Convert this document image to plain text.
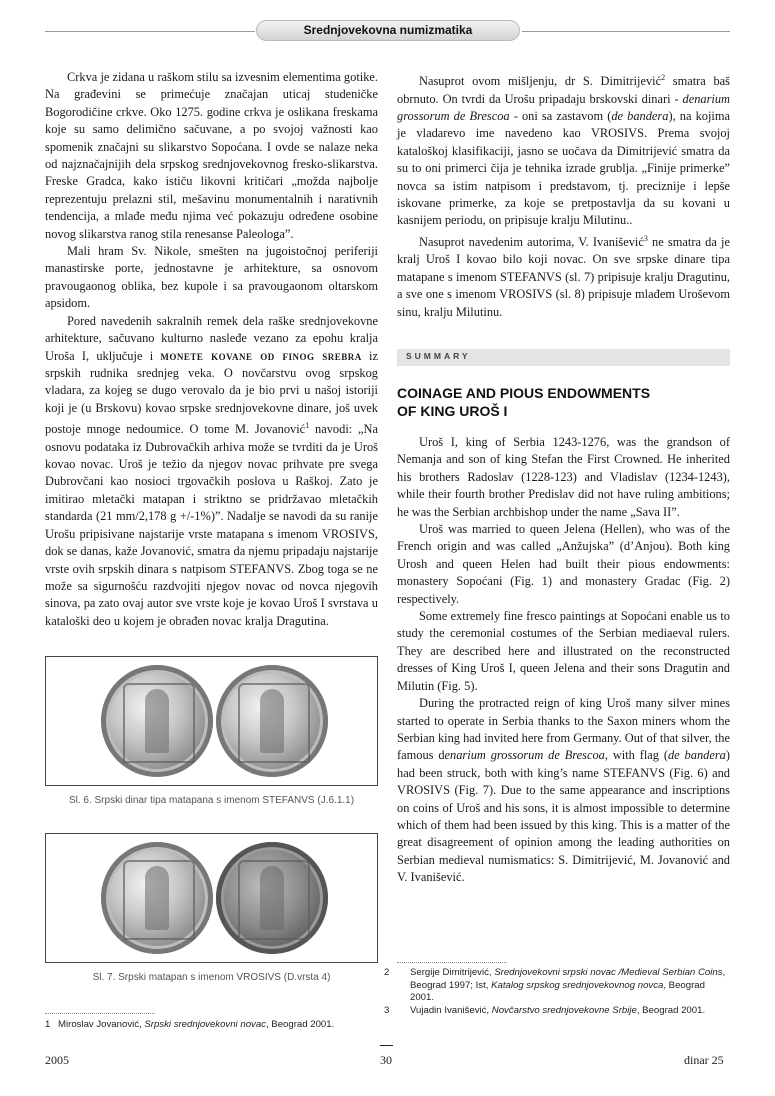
Srednjovekovna numizmatika

Crkva je zidana u raškom stilu sa izvesnim elementima gotike. Na građevini se primećuje značajan uticaj studeničke Bogorodičine crkve. Oko 1275. godine crkva je oslikana freskama koje su samo delimično sačuvane, a po svojoj važnosti kao spomenik značajni su slikarstvo Sopoćana. I ovde se nalaze neka od najznačajnijih dela srpskog srednjovekovnog fresko-slikarstva. Freske Gradca, kako ističu likovni kritičari „možda najbolje reprezentuju prelazni stil, mešavinu monumentalnih i narativnih tendencija, a mlađe među njima već pokazuju određene osobine novog slikarstva ranog stila renesanse Paleologa”.

Mali hram Sv. Nikole, smešten na jugoistočnoj periferiji manastirske porte, jednostavne je arhitekture, sa osnovom pravougaonog oblika, bez kupole i sa pravougaonom oltarskom apsidom.

Pored navedenih sakralnih remek dela raške srednjovekovne arhitekture, sačuvano kulturno nasleđe vezano za epohu kralja Uroša I, uključuje i monete kovane od finog srebra iz srpskih rudnika srednjeg veka. O novčarstvu ovog srpskog vladara, za kojeg se dugo verovalo da je bio prvi u našoj istoriji koji je (u Brskovu) kovao srpske srednjovekovne dinare, još uvek postoje mnoge nedoumice. O tome M. Jovanović$^1$ navodi: „Na osnovu podataka iz Dubrovačkih arhiva može se tvrditi da je Uroš kovao novac. Uroš je težio da njegov novac prihvate pre svega Dubrovčani kao nosioci trgovačkih poslova u Raškoj. Zato je imitirao mletački matapan i striktno se pridržavao mletačkih standarda (21 mm/2,178 g +/-1%)”. Nadalje se navodi da su ranije Urošu pripisivane najstarije vrste matapana s imenom VROSIVS, dok se danas, kaže Jovanović, smatra da njemu pripadaju najstarije vrste ovih srpskih dinara s natpisom STEFANVS. Zbog toga se ne može sa sigurnošću razdvojiti njegov novac od novca njegovih sinova, pa zato ovaj autor sve vrste koje je kovao Uroš I svrstava u kataloški deo u kojem je obrađen novac kralja Dragutina.

Sl. 6. Srpski dinar tipa matapana s imenom STEFANVS (J.6.1.1)
Sl. 7. Srpski matapan s imenom VROSIVS (D.vrsta 4)

Nasuprot ovom mišljenju, dr S. Dimitrijević$^2$ smatra baš obrnuto. On tvrdi da Urošu pripadaju brskovski dinari - denarium grossorum de Brescoa - oni sa zastavom (de bandera), na kojima je vladarevo ime navedeno kao VROSIVS. Prema svojoj kataloškoj klasifikaciji, jasno se uočava da Dimitrijević smatra da su to oni primerci čija je tehnika izrade grublja. „Finije primerke” novca sa istim natpisom i predstavom, tj. preciznije i lepše iskovane primerke, za koje se pretpostavlja da su kovani u kasnijem periodu, on pripisuje kralju Milutinu..

Nasuprot navedenim autorima, V. Ivanišević$^3$ ne smatra da je kralj Uroš I kovao bilo koji novac. On sve srpske dinare tipa matapane s imenom STEFANVS (sl. 7) pripisuje kralju Dragutinu, a sve one s imenom VROSIVS (sl. 8) pripisuje mlađem Uroševom sinu, kralju Milutinu.

SUMMARY
COINAGE AND PIOUS ENDOWMENTS
OF KING UROŠ I

Uroš I, king of Serbia 1243-1276, was the grandson of Nemanja and son of king Stefan the First Crowned. He inherited his brothers Radoslav (1228-123) and Vladislav (1234-1243), while their fourth brother Predislav did not have ruling ambitions; he was the Serbian archbishop under the name „Sava II”.

Uroš was married to queen Jelena (Hellen), who was of the French origin and was called „Anžujska” (d’Anjou). Both king Urosh and queen Helen had built their pious endowments: monastery Sopoćani (Fig. 1) and monastery Gradac (Fig. 2) respectively.

Some extremely fine fresco paintings at Sopoćani enable us to study the ceremonial costumes of the Serbian mediaeval rulers. They are described here and illustrated on the reconstructed dresses of King Uroš I, queen Jelena and their sons Dragutin and Milutin (Fig. 5).

During the protracted reign of king Uroš many silver mines started to operate in Serbia thanks to the Saxon miners whom the Serbian king had invited here from Germany. Out of that silver, the famous denarium grossorum de Brescoa, with flag (de bandera) had been struck, both with king’s name STEFANVS (Fig. 6) and VROSIVS (Fig. 7). Due to the same appearance and inscriptions on coins of Uroš and his sons, it is almost impossible to determine which of them had been issued by this king. This is a matter of the great disagreement of opinion among the leading authorities on Serbian medieval numismatics: S. Dimitrijević, M. Jovanović and V. Ivanišević.

1 Miroslav Jovanović, Srpski srednjovekovni novac, Beograd 2001.
2 Sergije Dimitrijević, Srednjovekovni srpski novac /Medieval Serbian Coins, Beograd 1997; Ist, Katalog srpskog srednjovekovnog novca, Beograd 2001.
3 Vujadin Ivanišević, Novčarstvo srednjovekovne Srbije, Beograd 2001.
2005	30	dinar 25
